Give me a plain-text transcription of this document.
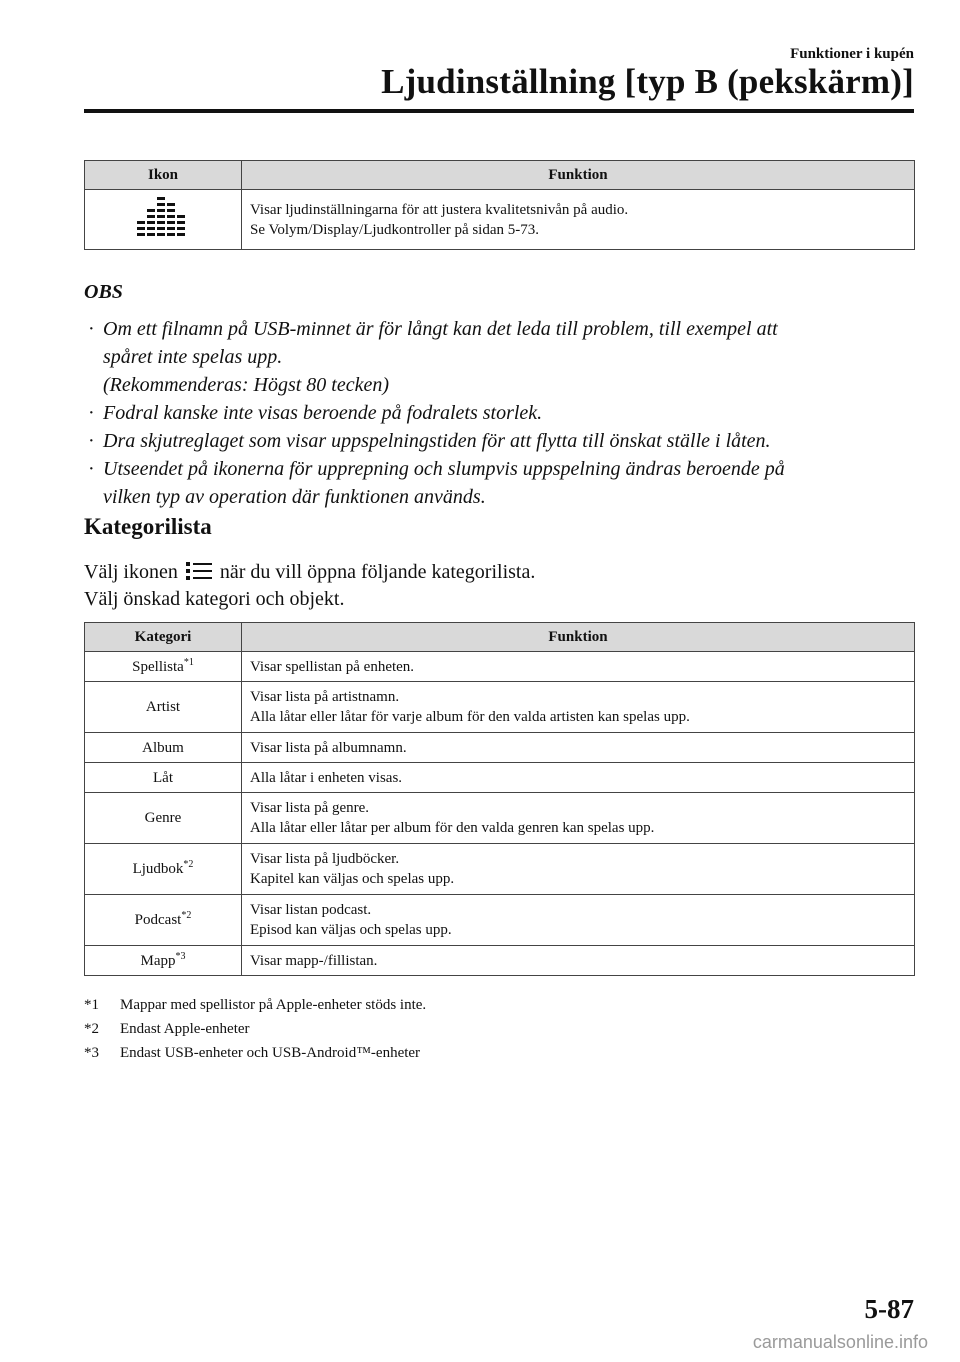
Funktioner i kupén
Ljudinställning [typ B (pekskärm)]
Ikon	Funktion

Visar ljudinställningarna för att justera kvalitetsnivån på audio.
Se Volym/Display/Ljudkontroller på sidan 5-73.
OBS
· Om ett filnamn på USB-minnet är för långt kan det leda till problem, till exempel att
spåret inte spelas upp.
(Rekommenderas: Högst 80 tecken)
· Fodral kanske inte visas beroende på fodralets storlek.
· Dra skjutreglaget som visar uppspelningstiden för att flytta till önskat ställe i låten.
· Utseendet på ikonerna för upprepning och slumpvis uppspelning ändras beroende på
vilken typ av operation där funktionen används.
Kategorilista
Välj ikonen när du vill öppna följande kategorilista.
Välj önskad kategori och objekt.
Kategori	Funktion
Spellista$^{*1}$	Visar spellistan på enheten.

Artist	Visar lista på artistnamn.
Alla låtar eller låtar för varje album för den valda artisten kan spelas upp.

Album	Visar lista på albumnamn.

Låt	Alla låtar i enheten visas.

Genre	Visar lista på genre.
Alla låtar eller låtar per album för den valda genren kan spelas upp.

Ljudbok$^{*2}$	Visar lista på ljudböcker.
Kapitel kan väljas och spelas upp.

Podcast$^{*2}$	Visar listan podcast.
Episod kan väljas och spelas upp.

Mapp$^{*3}$	Visar mapp-/fillistan.
*1 Mappar med spellistor på Apple-enheter stöds inte.
*2 Endast Apple-enheter
*3 Endast USB-enheter och USB-Android™-enheter
5-87
carmanualsonline.info
